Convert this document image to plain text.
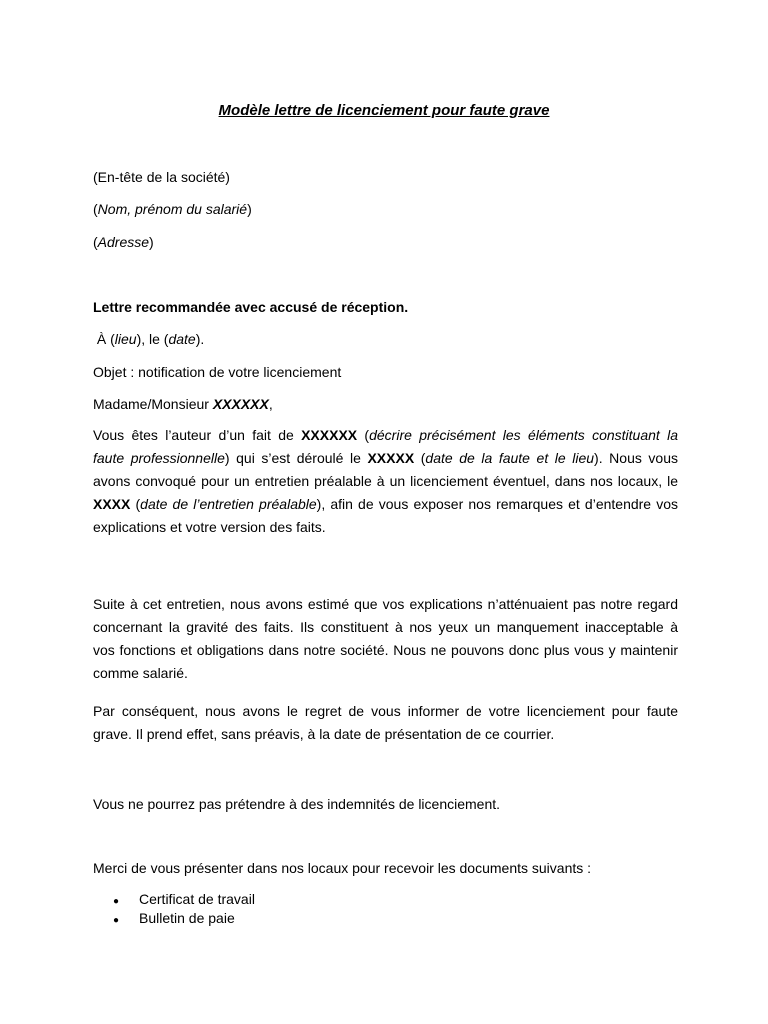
Modèle lettre de licenciement pour faute grave

(En-tête de la société)

(Nom, prénom du salarié)

(Adresse)

Lettre recommandée avec accusé de réception.

À (lieu), le (date).

Objet : notification de votre licenciement

Madame/Monsieur XXXXXX,

Vous êtes l’auteur d’un fait de XXXXXX (décrire précisément les éléments constituant la
faute professionnelle) qui s’est déroulé le XXXXX (date de la faute et le lieu). Nous vous
avons convoqué pour un entretien préalable à un licenciement éventuel, dans nos locaux, le
XXXX (date de l’entretien préalable), afin de vous exposer nos remarques et d’entendre vos
explications et votre version des faits.
Suite à cet entretien, nous avons estimé que vos explications n’atténuaient pas notre regard
concernant la gravité des faits. Ils constituent à nos yeux un manquement inacceptable à
vos fonctions et obligations dans notre société. Nous ne pouvons donc plus vous y maintenir
comme salarié.
Par conséquent, nous avons le regret de vous informer de votre licenciement pour faute
grave. Il prend effet, sans préavis, à la date de présentation de ce courrier.

Vous ne pourrez pas prétendre à des indemnités de licenciement.

Merci de vous présenter dans nos locaux pour recevoir les documents suivants :

● Certificat de travail
● Bulletin de paie
